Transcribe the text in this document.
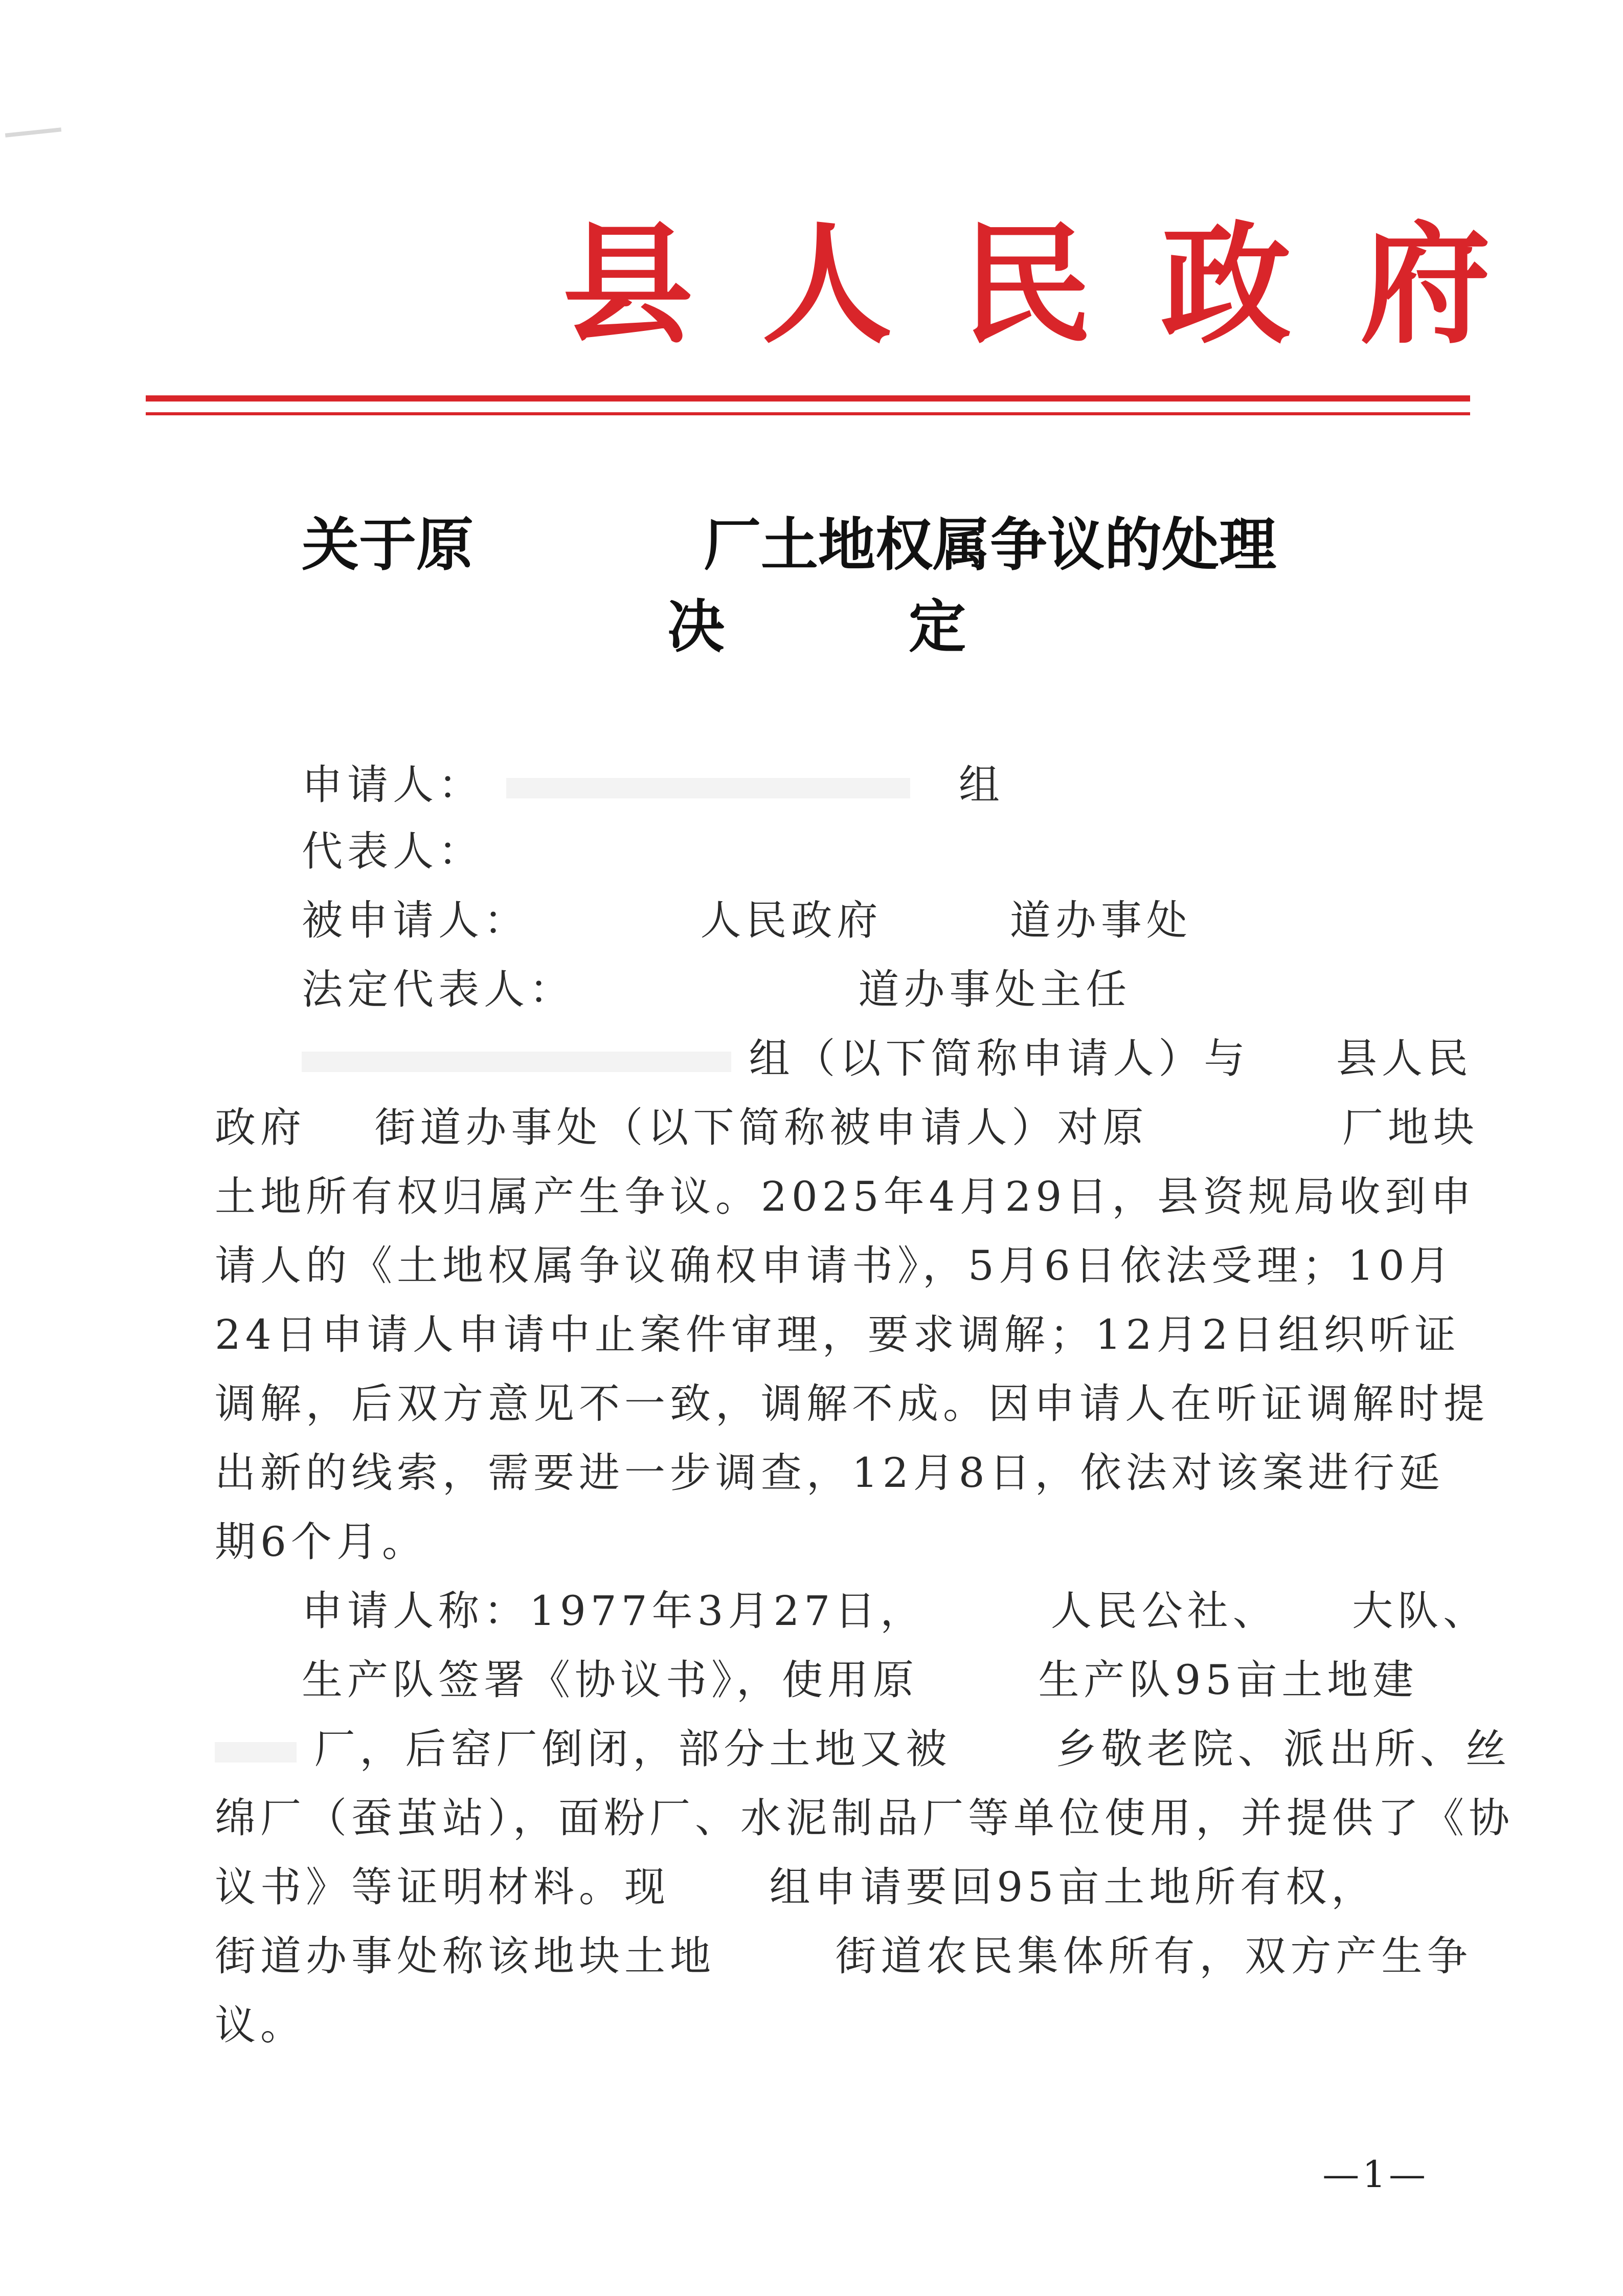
县人民政府
关于原	厂土地权属争议的处理
决	定
申请人：	组
代表人：
被申请人：	人民政府	道办事处
法定代表人：	道办事处主任
组（以下简称申请人）与 县人民
政府 街道办事处（以下简称被申请人）对原	厂地块
土地所有权归属产生争议。2025年4月29日，县资规局收到申
请人的《土地权属争议确权申请书》，5月6日依法受理；10月
24日申请人申请中止案件审理，要求调解；12月2日组织听证
调解，后双方意见不一致，调解不成。因申请人在听证调解时提
出新的线索，需要进一步调查，12月8日，依法对该案进行延
期6个月。
申请人称：1977年3月27日，	人民公社、 大队、
生产队签署《协议书》，使用原	生产队95亩土地建
厂，后窑厂倒闭，部分土地又被	乡敬老院、派出所、丝
绵厂（蚕茧站），面粉厂、水泥制品厂等单位使用，并提供了《协
议书》等证明材料。现 组申请要回95亩土地所有权，
街道办事处称该地块土地	街道农民集体所有，双方产生争
议。
—1—
